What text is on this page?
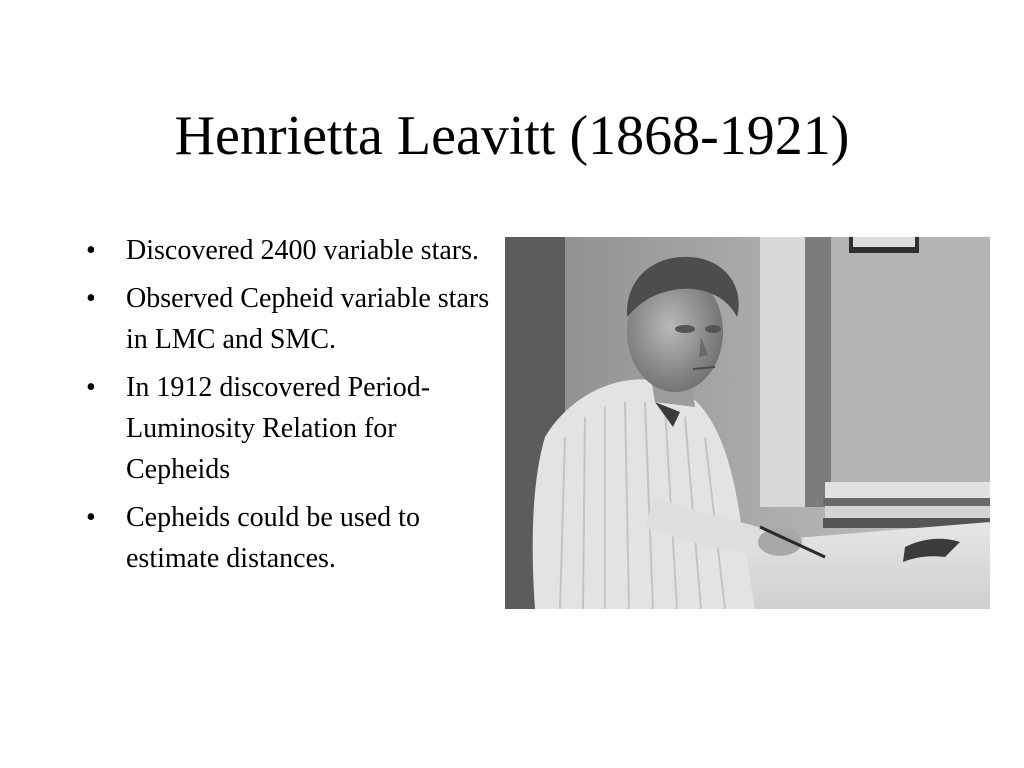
Henrietta Leavitt (1868-1921)
•	Discovered 2400 variable stars.
•	Observed Cepheid variable stars in LMC and SMC.
•	In 1912 discovered Period-Luminosity Relation for Cepheids
•	Cepheids could be used to estimate distances.
